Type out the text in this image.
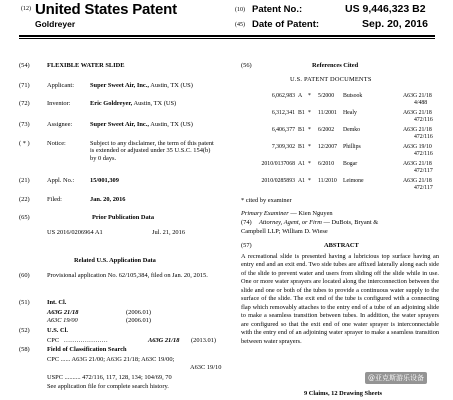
(12) United States Patent
Goldreyer
(10) Patent No.:	US 9,446,323 B2
(45) Date of Patent:	Sep. 20, 2016
(54)	FLEXIBLE WATER SLIDE
(71)	Applicant:	Super Sweet Air, Inc., Austin, TX (US)
(72)	Inventor:	Eric Goldreyer, Austin, TX (US)
(73)	Assignee:	Super Sweet Air, Inc., Austin, TX (US)
( * )	Notice:	Subject to any disclaimer, the term of this patent is extended or adjusted under 35 U.S.C. 154(b) by 0 days.
(21)	Appl. No.: 15/001,309
(22)	Filed:	Jan. 20, 2016
(65)	Prior Publication Data
US 2016/0206964 A1	Jul. 21, 2016
Related U.S. Application Data
(60)	Provisional application No. 62/105,384, filed on Jan. 20, 2015.
(51)	Int. Cl.
A63G 21/18	(2006.01)
A63C 19/00	(2006.01)
(52)	U.S. Cl.
CPC .....................	A63G 21/18 (2013.01)
(58)	Field of Classification Search
CPC ...... A63G 21/00; A63G 21/18; A63C 19/00;
A63C 19/10
USPC .......... 472/116, 117, 128, 134; 104/69, 70
See application file for complete search history.
(56)	References Cited
U.S. PATENT DOCUMENTS
6,062,983 A * 5/2000 Butsook	A63G 21/18
4/488
6,312,341 B1 * 11/2001 Healy	A63G 21/18
472/116
6,406,377 B1 * 6/2002 Demko	A63G 21/18
472/116
7,309,302 B1 * 12/2007 Phillips	A63G 19/10
472/116
2010/0137068 A1 * 6/2010 Bogar	A63G 21/18
472/117
2010/0285893 A1 * 11/2010 Leimone	A63G 21/18
472/117
* cited by examiner
Primary Examiner — Kien Nguyen
(74) Attorney, Agent, or Firm — DuBois, Bryant &
Campbell LLP; William D. Wiese
(57)	ABSTRACT
A recreational slide is presented having a lubricious top surface having an entry end and an exit end. Two side tubes are affixed laterally along each side of the slide to prevent water and users from sliding off the slide while in use. One or more water sprayers are located along the interconnection between the slide and one or both of the tubes to provide a continuous water supply to the surface of the slide. The exit end of the tube is configured with a connecting flap which removably attaches to the entry end of a tube of an adjoining slide to make a seamless transition between tubes. In addition, the water sprayers are configured so that the exit end of one water sprayer is interconnectable with the entry end of an adjoining water sprayer to make a seamless transition between water sprayers.
9 Claims, 12 Drawing Sheets
@亚克斯游乐设备
